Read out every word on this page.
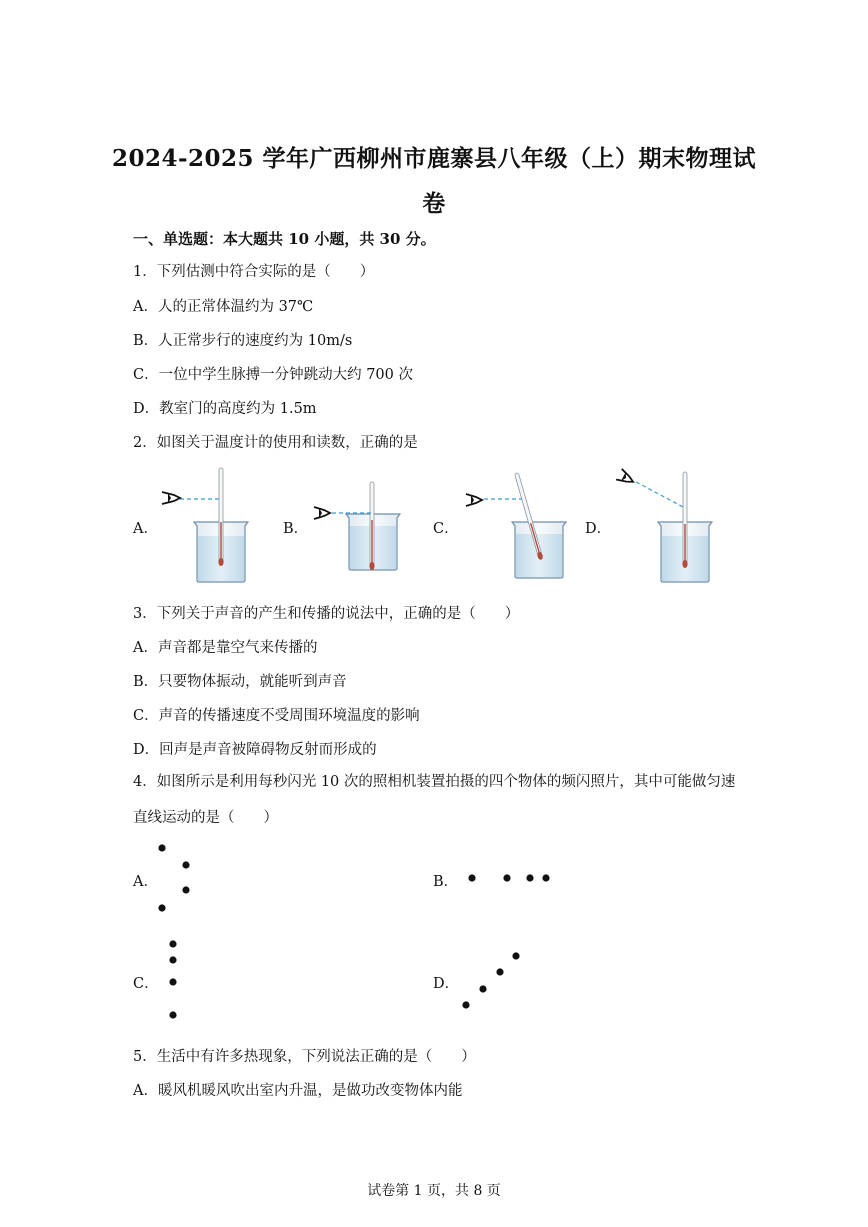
2024-2025 学年广西柳州市鹿寨县八年级（上）期末物理试
卷
一、单选题：本大题共 10 小题，共 30 分。
1．下列估测中符合实际的是（　　）
A．人的正常体温约为 37℃
B．人正常步行的速度约为 10m/s
C．一位中学生脉搏一分钟跳动大约 700 次
D．教室门的高度约为 1.5m
2．如图关于温度计的使用和读数，正确的是
A．	B．	C．	D．
3．下列关于声音的产生和传播的说法中，正确的是（　　）
A．声音都是靠空气来传播的
B．只要物体振动，就能听到声音
C．声音的传播速度不受周围环境温度的影响
D．回声是声音被障碍物反射而形成的
4．如图所示是利用每秒闪光 10 次的照相机装置拍摄的四个物体的频闪照片，其中可能做匀速直线运动的是（　　）
A．	B．
C．	D．
5．生活中有许多热现象，下列说法正确的是（　　）
A．暖风机暖风吹出室内升温，是做功改变物体内能
试卷第 1 页，共 8 页
